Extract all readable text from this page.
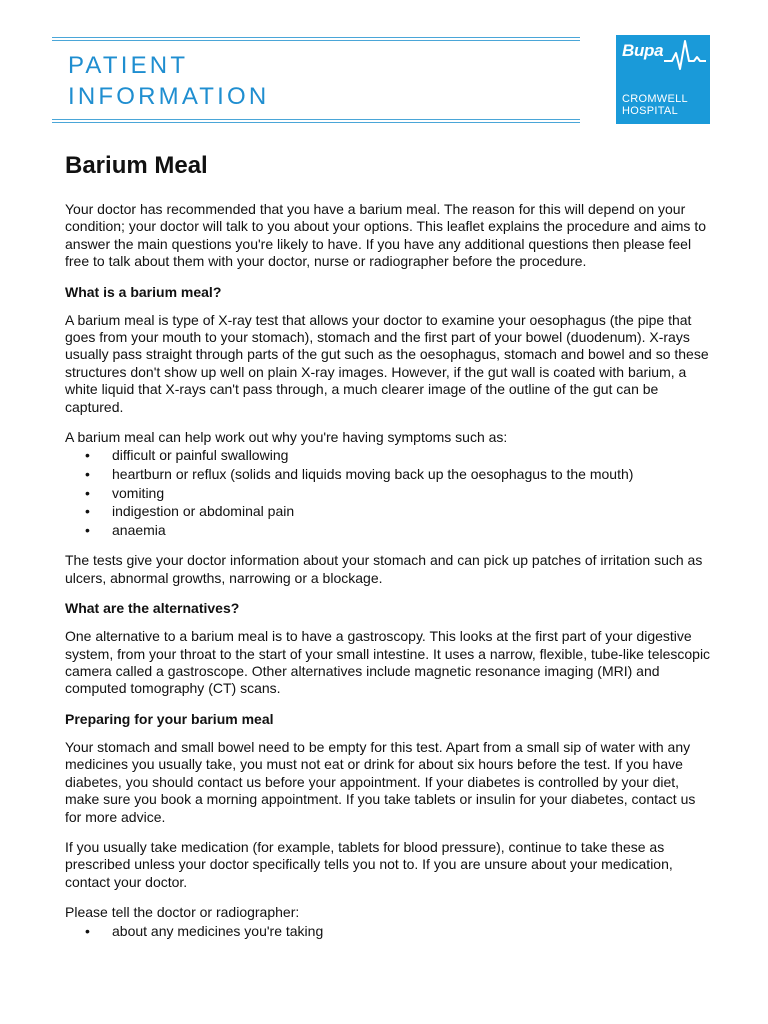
PATIENT
INFORMATION
Bupa
CROMWELL
HOSPITAL
Barium Meal

Your doctor has recommended that you have a barium meal. The reason for this will depend on your condition; your doctor will talk to you about your options. This leaflet explains the procedure and aims to answer the main questions you're likely to have. If you have any additional questions then please feel free to talk about them with your doctor, nurse or radiographer before the procedure.

What is a barium meal?

A barium meal is type of X-ray test that allows your doctor to examine your oesophagus (the pipe that goes from your mouth to your stomach), stomach and the first part of your bowel (duodenum). X-rays usually pass straight through parts of the gut such as the oesophagus, stomach and bowel and so these structures don't show up well on plain X-ray images. However, if the gut wall is coated with barium, a white liquid that X-rays can't pass through, a much clearer image of the outline of the gut can be captured.

A barium meal can help work out why you're having symptoms such as:

• difficult or painful swallowing
• heartburn or reflux (solids and liquids moving back up the oesophagus to the mouth)
• vomiting
• indigestion or abdominal pain
• anaemia

The tests give your doctor information about your stomach and can pick up patches of irritation such as ulcers, abnormal growths, narrowing or a blockage.

What are the alternatives?

One alternative to a barium meal is to have a gastroscopy. This looks at the first part of your digestive system, from your throat to the start of your small intestine. It uses a narrow, flexible, tube-like telescopic camera called a gastroscope. Other alternatives include magnetic resonance imaging (MRI) and computed tomography (CT) scans.

Preparing for your barium meal

Your stomach and small bowel need to be empty for this test. Apart from a small sip of water with any medicines you usually take, you must not eat or drink for about six hours before the test. If you have diabetes, you should contact us before your appointment. If your diabetes is controlled by your diet, make sure you book a morning appointment. If you take tablets or insulin for your diabetes, contact us for more advice.

If you usually take medication (for example, tablets for blood pressure), continue to take these as prescribed unless your doctor specifically tells you not to. If you are unsure about your medication, contact your doctor.

Please tell the doctor or radiographer:

• about any medicines you're taking
